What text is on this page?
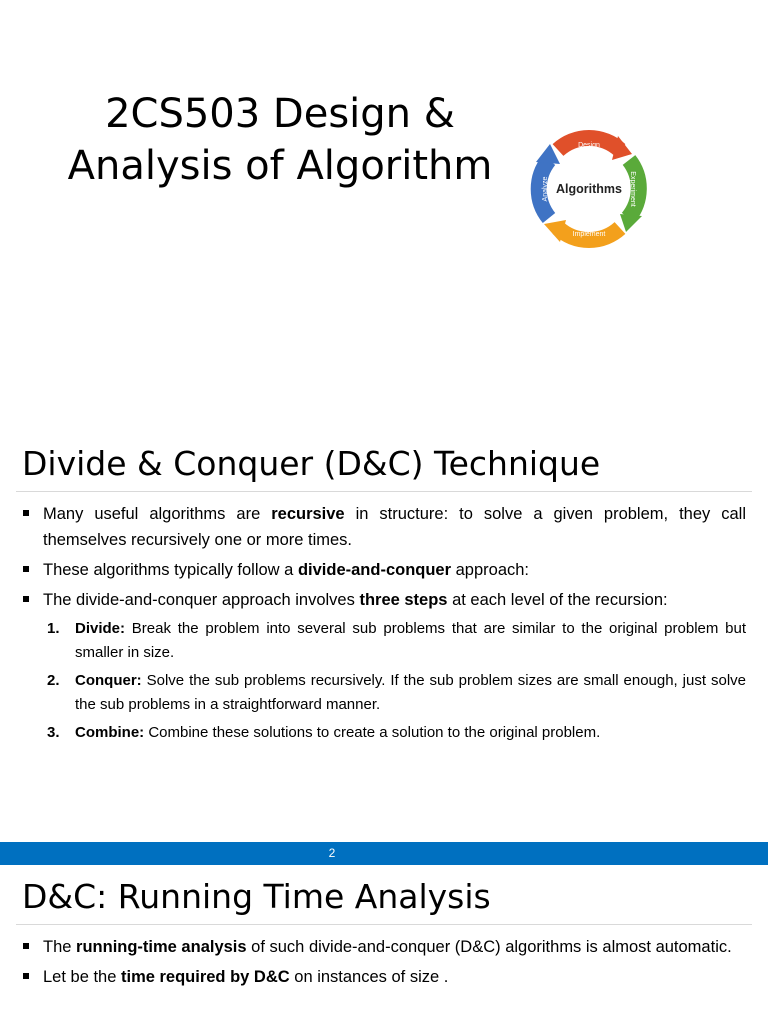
2CS503 Design & Analysis of Algorithm	Algorithms
Design
Experiment
Implement
Analyze
Divide & Conquer (D&C) Technique
Many useful algorithms are recursive in structure: to solve a given problem, they call themselves recursively one or more times.
These algorithms typically follow a divide-and-conquer approach:
The divide-and-conquer approach involves three steps at each level of the recursion:
1. Divide: Break the problem into several sub problems that are similar to the original problem but smaller in size.
2. Conquer: Solve the sub problems recursively. If the sub problem sizes are small enough, just solve the sub problems in a straightforward manner.
3. Combine: Combine these solutions to create a solution to the original problem.
2
D&C: Running Time Analysis
The running-time analysis of such divide-and-conquer (D&C) algorithms is almost automatic.
Let be the time required by D&C on instances of size .
